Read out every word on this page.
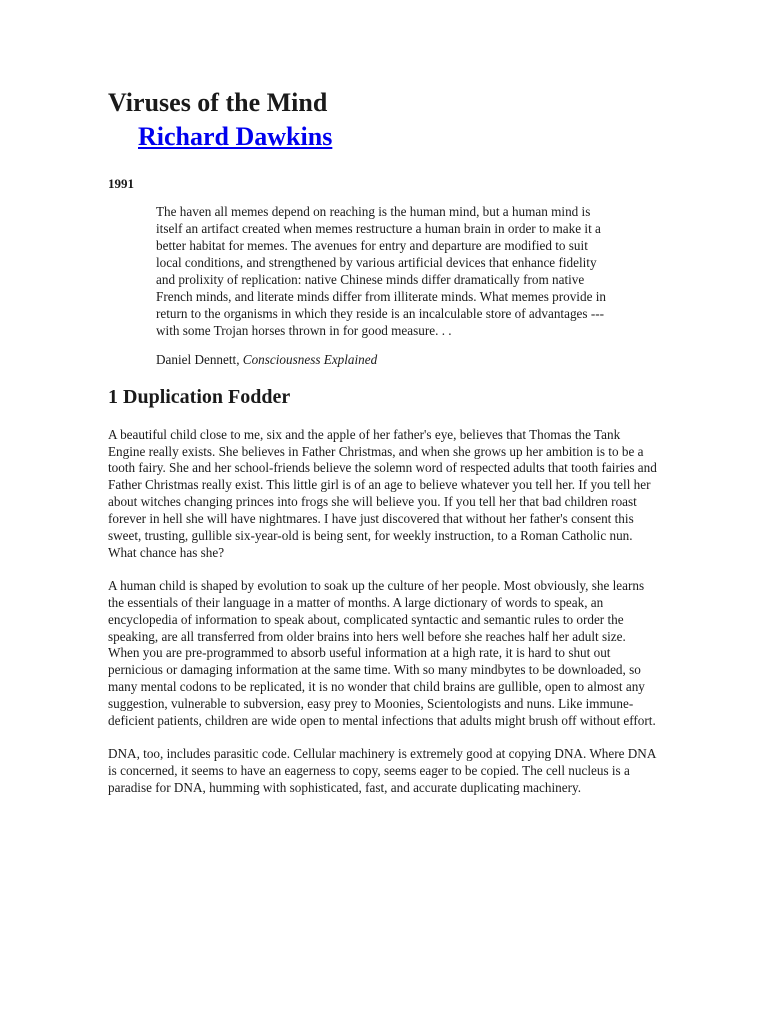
Viruses of the Mind
Richard Dawkins
1991
The haven all memes depend on reaching is the human mind, but a human mind is itself an artifact created when memes restructure a human brain in order to make it a better habitat for memes. The avenues for entry and departure are modified to suit local conditions, and strengthened by various artificial devices that enhance fidelity and prolixity of replication: native Chinese minds differ dramatically from native French minds, and literate minds differ from illiterate minds. What memes provide in return to the organisms in which they reside is an incalculable store of advantages --- with some Trojan horses thrown in for good measure. . .
Daniel Dennett, Consciousness Explained
1 Duplication Fodder

A beautiful child close to me, six and the apple of her father's eye, believes that Thomas the Tank Engine really exists. She believes in Father Christmas, and when she grows up her ambition is to be a tooth fairy. She and her school-friends believe the solemn word of respected adults that tooth fairies and Father Christmas really exist. This little girl is of an age to believe whatever you tell her. If you tell her about witches changing princes into frogs she will believe you. If you tell her that bad children roast forever in hell she will have nightmares. I have just discovered that without her father's consent this sweet, trusting, gullible six-year-old is being sent, for weekly instruction, to a Roman Catholic nun. What chance has she?

A human child is shaped by evolution to soak up the culture of her people. Most obviously, she learns the essentials of their language in a matter of months. A large dictionary of words to speak, an encyclopedia of information to speak about, complicated syntactic and semantic rules to order the speaking, are all transferred from older brains into hers well before she reaches half her adult size. When you are pre-programmed to absorb useful information at a high rate, it is hard to shut out pernicious or damaging information at the same time. With so many mindbytes to be downloaded, so many mental codons to be replicated, it is no wonder that child brains are gullible, open to almost any suggestion, vulnerable to subversion, easy prey to Moonies, Scientologists and nuns. Like immune-deficient patients, children are wide open to mental infections that adults might brush off without effort.

DNA, too, includes parasitic code. Cellular machinery is extremely good at copying DNA. Where DNA is concerned, it seems to have an eagerness to copy, seems eager to be copied. The cell nucleus is a paradise for DNA, humming with sophisticated, fast, and accurate duplicating machinery.
